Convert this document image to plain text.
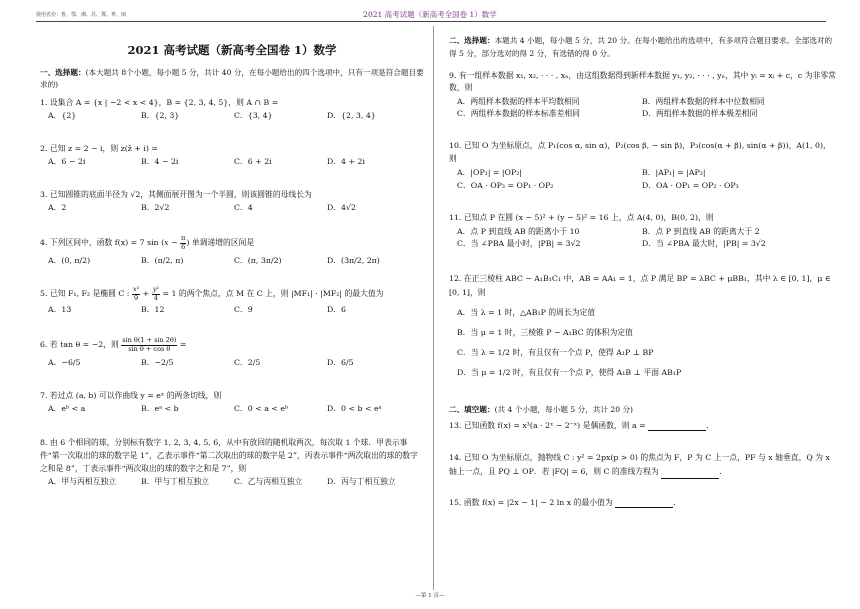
使用省份：鲁、鄂、湘、苏、冀、粤、闽	2021 高考试题（新高考全国卷 1）数学
2021 高考试题（新高考全国卷 1）数学
一、选择题：(本大题共 8个小题，每小题 5 分，共计 40 分，在每小题给出的四个选项中，只有一项是符合题目要求的)
1. 设集合 A = {x | −2 < x < 4}，B = {2, 3, 4, 5}，则 A ∩ B =
A．{2}	B．{2, 3}	C．{3, 4}	D．{2, 3, 4}
2. 已知 z = 2 − i，则 z(z̄ + i) =
A．6 − 2i	B．4 − 2i	C．6 + 2i	D．4 + 2i
3. 已知圆锥的底面半径为 √2，其侧面展开图为一个半圆，则该圆锥的母线长为
A．2	B．2√2	C．4	D．4√2
4. 下列区间中，函数 f(x) = 7 $\sin (x - \frac{\pi}{6}$ ) 单调递增的区间是
A．(0, π/2)	B．(π/2, π)	C．(π, 3π/2)	D．(3π/2, 2π)
5. 已知 F₁, F₂ 是椭圆 C : $\frac{\text{x²}}{9} + \frac{\text{y²}}{4} = 1$ 的两个焦点，点 M 在 C 上，则 |MF₁| · |MF₂| 的最大值为
A．13	B．12	C．9	D．6
6. 若 tan θ = −2，则 $\frac{\text{sin θ(1 + sin 2θ)}}{\text{sin θ + cos θ}}$ =
A．−6/5	B．−2/5	C．2/5	D．6/5
7. 若过点 (a, b) 可以作曲线 y = eˣ 的两条切线，则
A．eᵇ < a	B．eᵃ < b	C．0 < a < eᵇ	D．0 < b < eᵃ
8. 由 6 个相同的球，分别标有数字 1, 2, 3, 4, 5, 6，从中有放回的随机取两次，每次取 1 个球．甲表示事件“第一次取出的球的数字是 1”，乙表示事件“第二次取出的球的数字是 2”，丙表示事件“两次取出的球的数字之和是 8”，丁表示事件“两次取出的球的数字之和是 7”，则
A．甲与丙相互独立	B．甲与丁相互独立	C．乙与丙相互独立	D．丙与丁相互独立
二、选择题：本题共 4 小题，每小题 5 分，共 20 分。在每小题给出的选项中，有多项符合题目要求。全部选对的得 5 分，部分选对的得 2 分，有选错的得 0 分。
9. 有一组样本数据 x₁, x₂, · · · , xₙ，由这组数据得到新样本数据 y₁, y₂, · · · , yₙ，其中 yᵢ = xᵢ + c，c 为非零常数，则
A．两组样本数据的样本平均数相同	B．两组样本数据的样本中位数相同
C．两组样本数据的样本标准差相同	D．两组样本数据的样本极差相同
10. 已知 O 为坐标原点，点 P₁(cos α, sin α)，P₂(cos β, − sin β)，P₃(cos(α + β), sin(α + β))，A(1, 0)，则
A．|OP₁| = |OP₂|	B．|AP₁| = |AP₂|
C．OA · OP₃ = OP₁ · OP₂	D．OA · OP₁ = OP₂ · OP₃
11. 已知点 P 在圆 (x − 5)² + (y − 5)² = 16 上，点 A(4, 0)，B(0, 2)，则
A．点 P 到直线 AB 的距离小于 10	B．点 P 到直线 AB 的距离大于 2
C．当 ∠PBA 最小时，|PB| = 3√2	D．当 ∠PBA 最大时，|PB| = 3√2
12. 在正三棱柱 ABC − A₁B₁C₁ 中，AB = AA₁ = 1，点 P 满足 BP = λBC + μBB₁，其中 λ ∈ [0, 1]，μ ∈ [0, 1]，则
A．当 λ = 1 时，△AB₁P 的周长为定值
B．当 μ = 1 时，三棱锥 P − A₁BC 的体积为定值
C．当 λ = 1/2 时，有且仅有一个点 P，使得 A₁P ⊥ BP
D．当 μ = 1/2 时，有且仅有一个点 P，使得 A₁B ⊥ 平面 AB₁P
二、填空题：(共 4 个小题，每小题 5 分，共计 20 分)
13. 已知函数 f(x) = x³(a · 2ˣ − 2⁻ˣ) 是偶函数，则 a =	．
14. 已知 O 为坐标原点，抛物线 C : y² = 2px(p > 0) 的焦点为 F，P 为 C 上一点，PF 与 x 轴垂直，Q 为 x 轴上一点，且 PQ ⊥ OP．若 |FQ| = 6，则 C 的准线方程为	．
15. 函数 f(x) = |2x − 1| − 2 ln x 的最小值为	．
—第 1 页—
